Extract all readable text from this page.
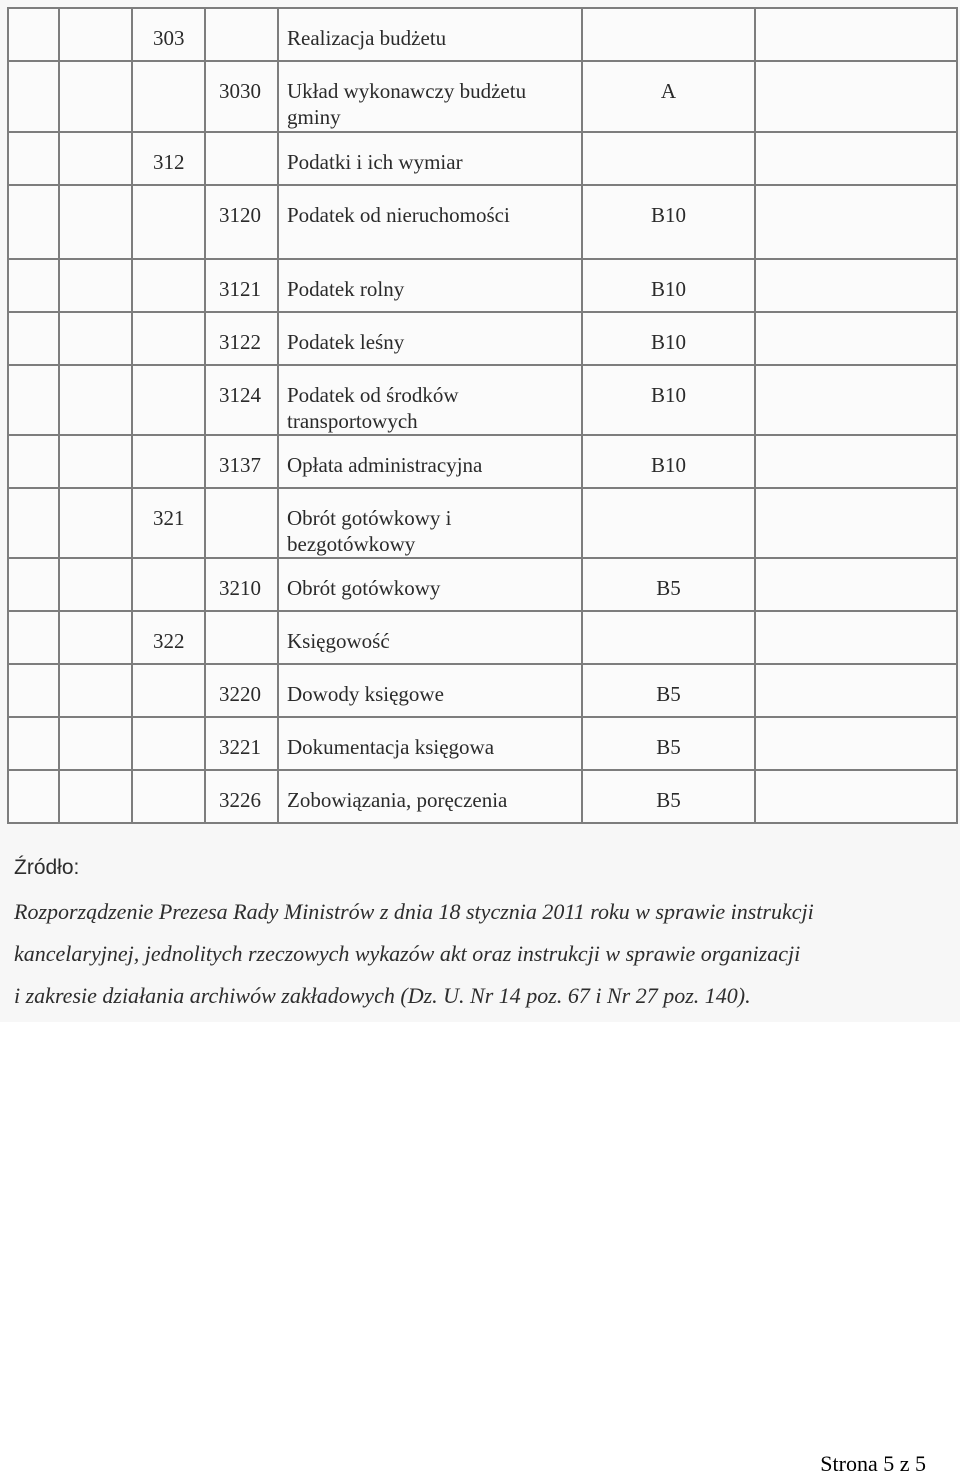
		303		Realizacja budżetu		
			3030	Układ wykonawczy budżetu gminy	A	
		312		Podatki i ich wymiar		
			3120	Podatek od nieruchomości	B10	
			3121	Podatek rolny	B10	
			3122	Podatek leśny	B10	
			3124	Podatek od środków transportowych	B10	
			3137	Opłata administracyjna	B10	
		321		Obrót gotówkowy i bezgotówkowy		
			3210	Obrót gotówkowy	B5	
		322		Księgowość		
			3220	Dowody księgowe	B5	
			3221	Dokumentacja księgowa	B5	
			3226	Zobowiązania, poręczenia	B5	
Źródło:
Rozporządzenie Prezesa Rady Ministrów z dnia 18 stycznia 2011 roku w sprawie instrukcji
kancelaryjnej, jednolitych rzeczowych wykazów akt oraz instrukcji w sprawie organizacji
i zakresie działania archiwów zakładowych (Dz. U. Nr 14 poz. 67 i Nr 27 poz. 140).
Strona 5 z 5
